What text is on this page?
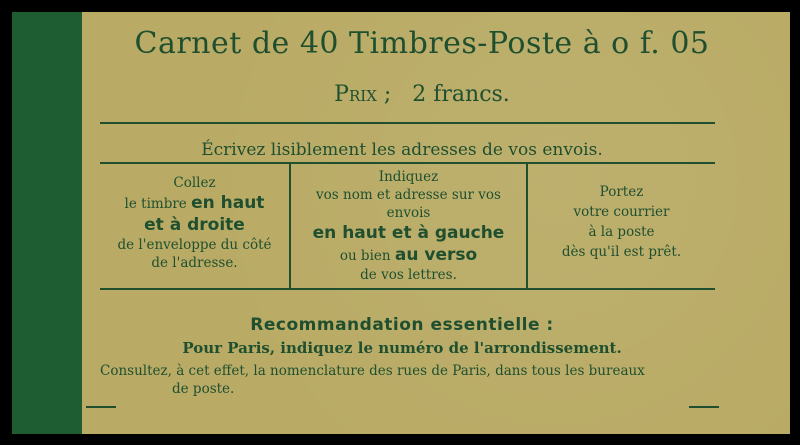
Carnet de 40 Timbres-Poste à o f. 05
Prix ; 2 francs.
Écrivez lisiblement les adresses de vos envois.
Collez
le timbre en haut
et à droite
de l'enveloppe du côté
de l'adresse.
Indiquez
vos nom et adresse sur vos
envois
en haut et à gauche
ou bien au verso
de vos lettres.
Portez
votre courrier
à la poste
dès qu'il est prêt.
Recommandation essentielle :
Pour Paris, indiquez le numéro de l'arrondissement.
Consultez, à cet effet, la nomenclature des rues de Paris, dans tous les bureaux
de poste.
